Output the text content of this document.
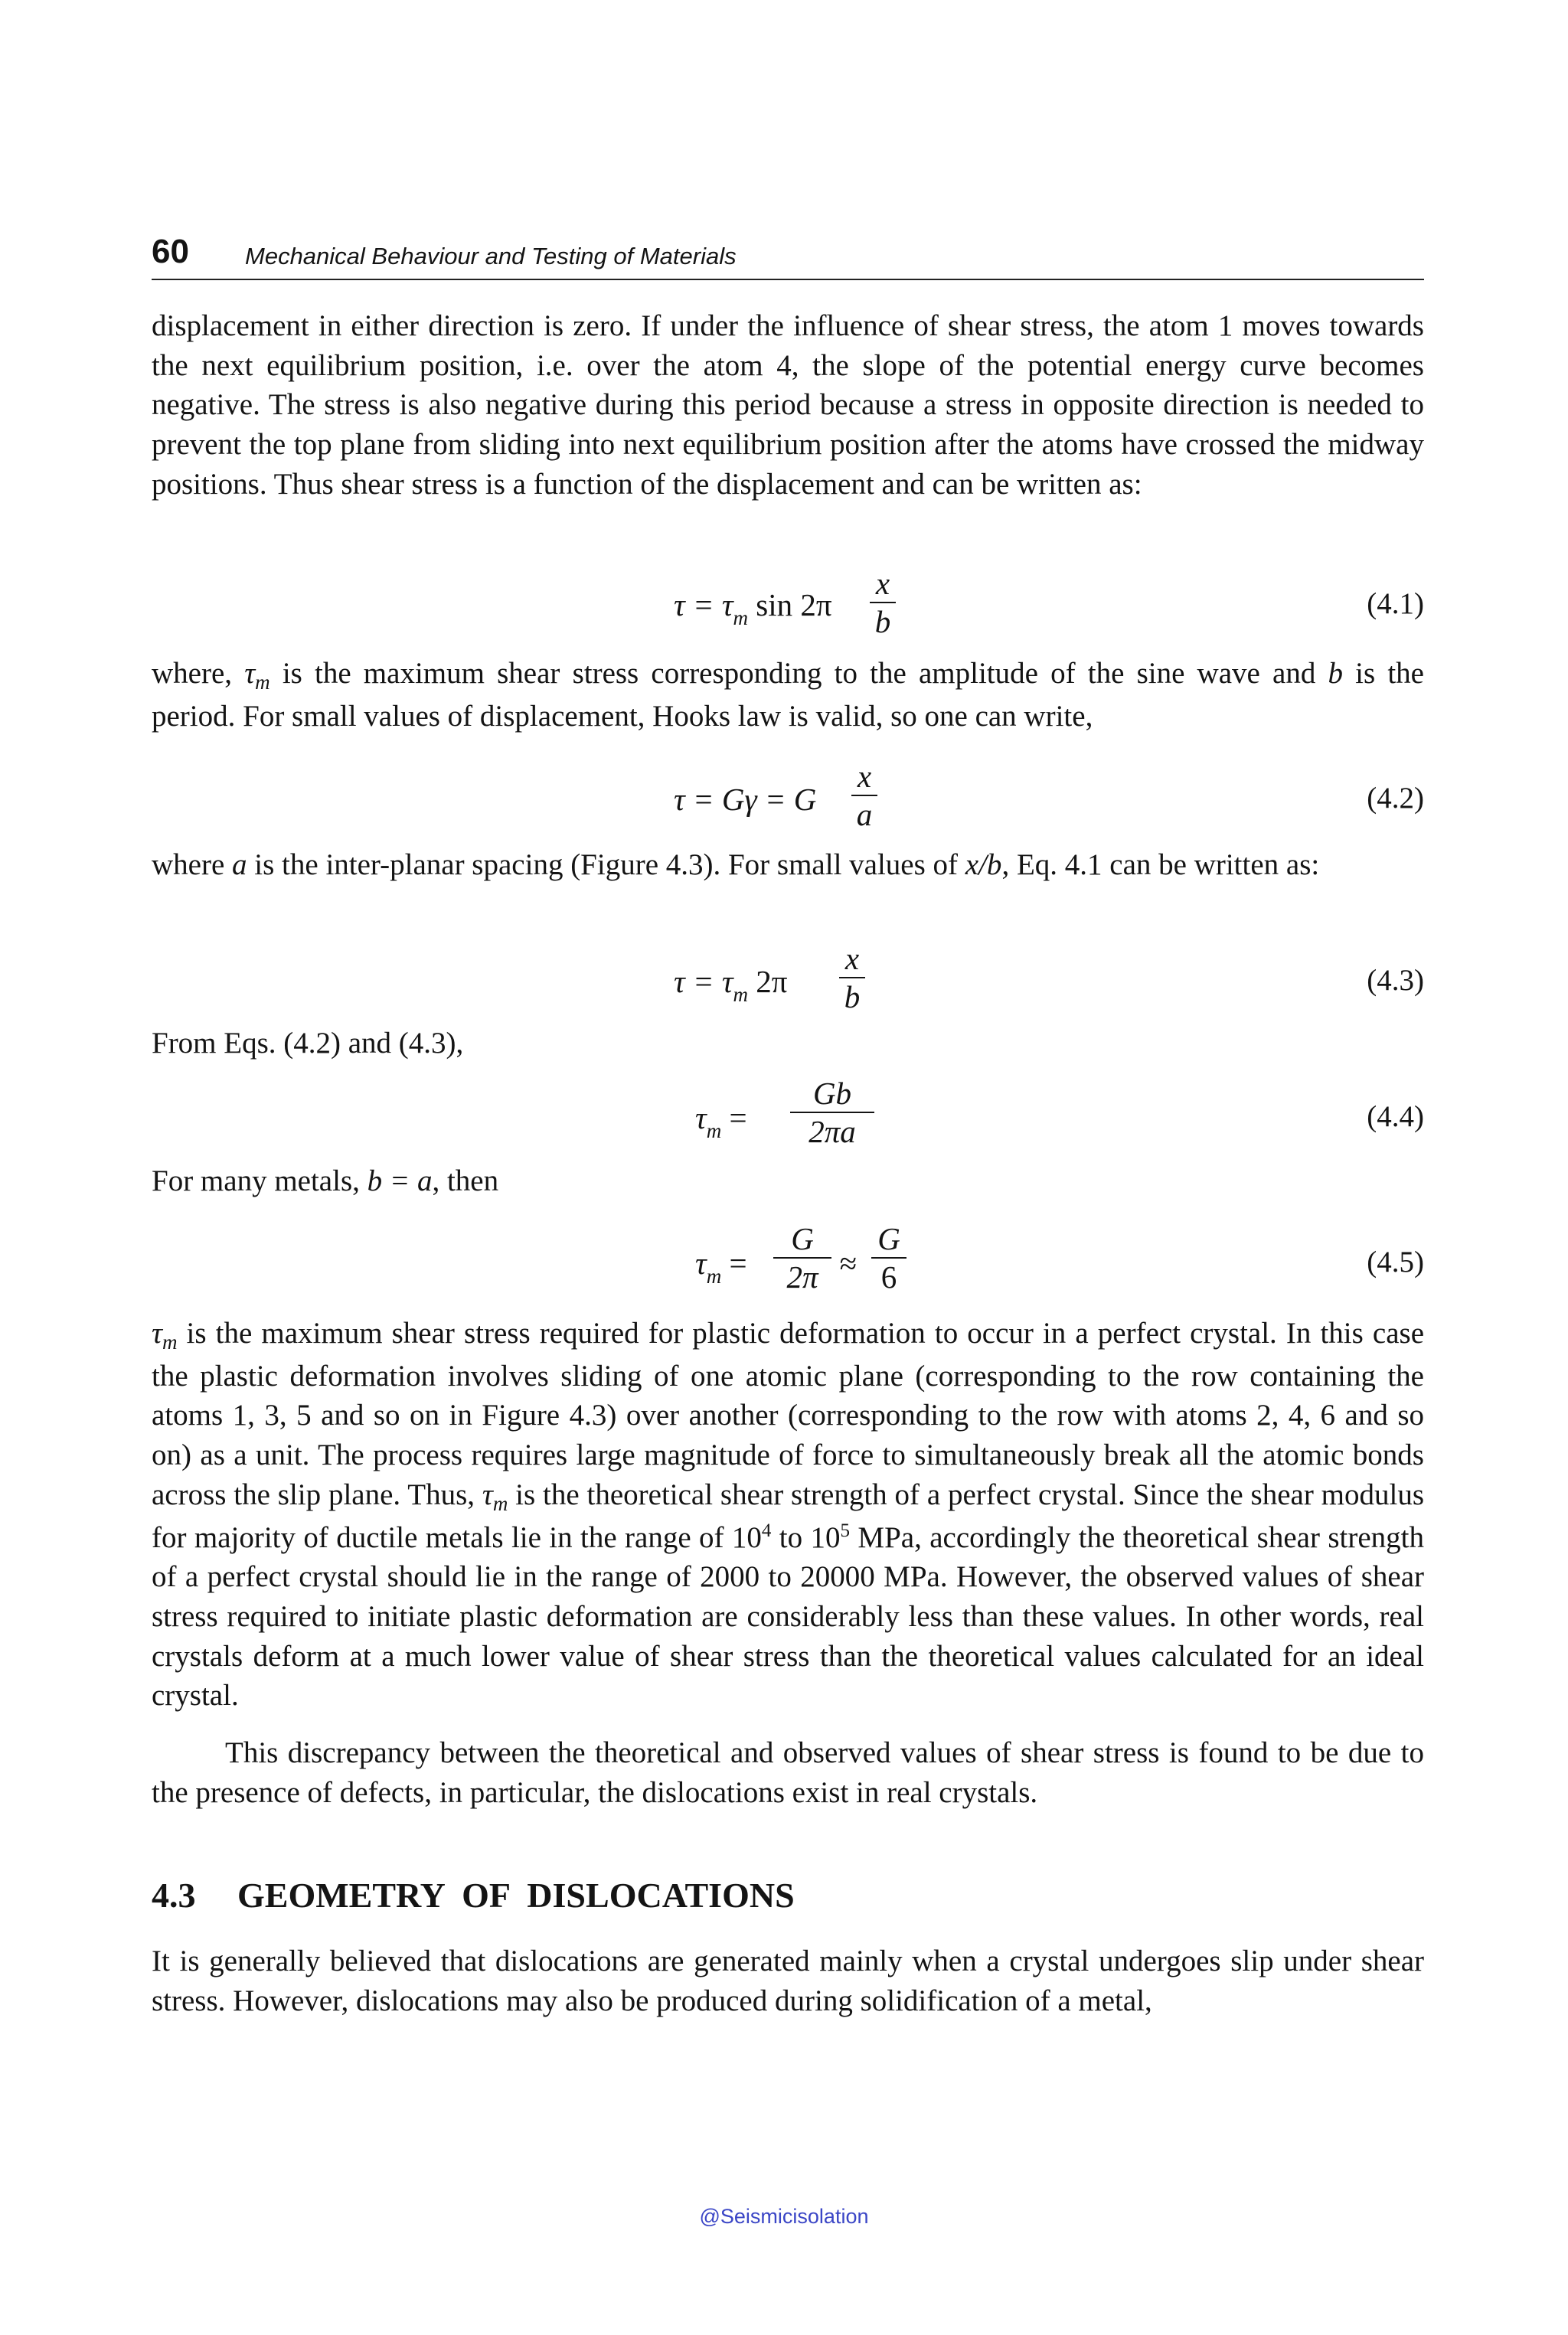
60 Mechanical Behaviour and Testing of Materials

displacement in either direction is zero. If under the influence of shear stress, the atom 1 moves towards the next equilibrium position, i.e. over the atom 4, the slope of the potential energy curve becomes negative. The stress is also negative during this period because a stress in opposite direction is needed to prevent the top plane from sliding into next equilibrium position after the atoms have crossed the midway positions. Thus shear stress is a function of the displacement and can be written as:

$\tau = \tau_m$ $\sin 2\pi \frac{x}{b}$	(4.1)

where, $\tau_m$ is the maximum shear stress corresponding to the amplitude of the sine wave and b is the period. For small values of displacement, Hooks law is valid, so one can write,

τ = Gγ = G $\frac{x}{a}$	(4.2)

where a is the inter-planar spacing (Figure 4.3). For small values of x/b, Eq. 4.1 can be written as:

$\tau = \tau_m$ $2\pi \frac{x}{b}$	(4.3)
From Eqs. (4.2) and (4.3),
$\tau_m = \frac{Gb}{2\pi a}$	(4.4)
For many metals, b = a, then
$\tau_m = \frac{G}{2\pi} \approx \frac{G}{6}$	(4.5)

$\tau_m$ is the maximum shear stress required for plastic deformation to occur in a perfect crystal. In this case the plastic deformation involves sliding of one atomic plane (corresponding to the row containing the atoms 1, 3, 5 and so on in Figure 4.3) over another (corresponding to the row with atoms 2, 4, 6 and so on) as a unit. The process requires large magnitude of force to simultaneously break all the atomic bonds across the slip plane. Thus, $\tau_m$ is the theoretical shear strength of a perfect crystal. Since the shear modulus for majority of ductile metals lie in the range of $10^4$ to $10^5$ MPa, accordingly the theoretical shear strength of a perfect crystal should lie in the range of 2000 to 20000 MPa. However, the observed values of shear stress required to initiate plastic deformation are considerably less than these values. In other words, real crystals deform at a much lower value of shear stress than the theoretical values calculated for an ideal crystal.

This discrepancy between the theoretical and observed values of shear stress is found to be due to the presence of defects, in particular, the dislocations exist in real crystals.

4.3 GEOMETRY  OF  DISLOCATIONS

It is generally believed that dislocations are generated mainly when a crystal undergoes slip under shear stress. However, dislocations may also be produced during solidification of a metal,

@Seismicisolation
